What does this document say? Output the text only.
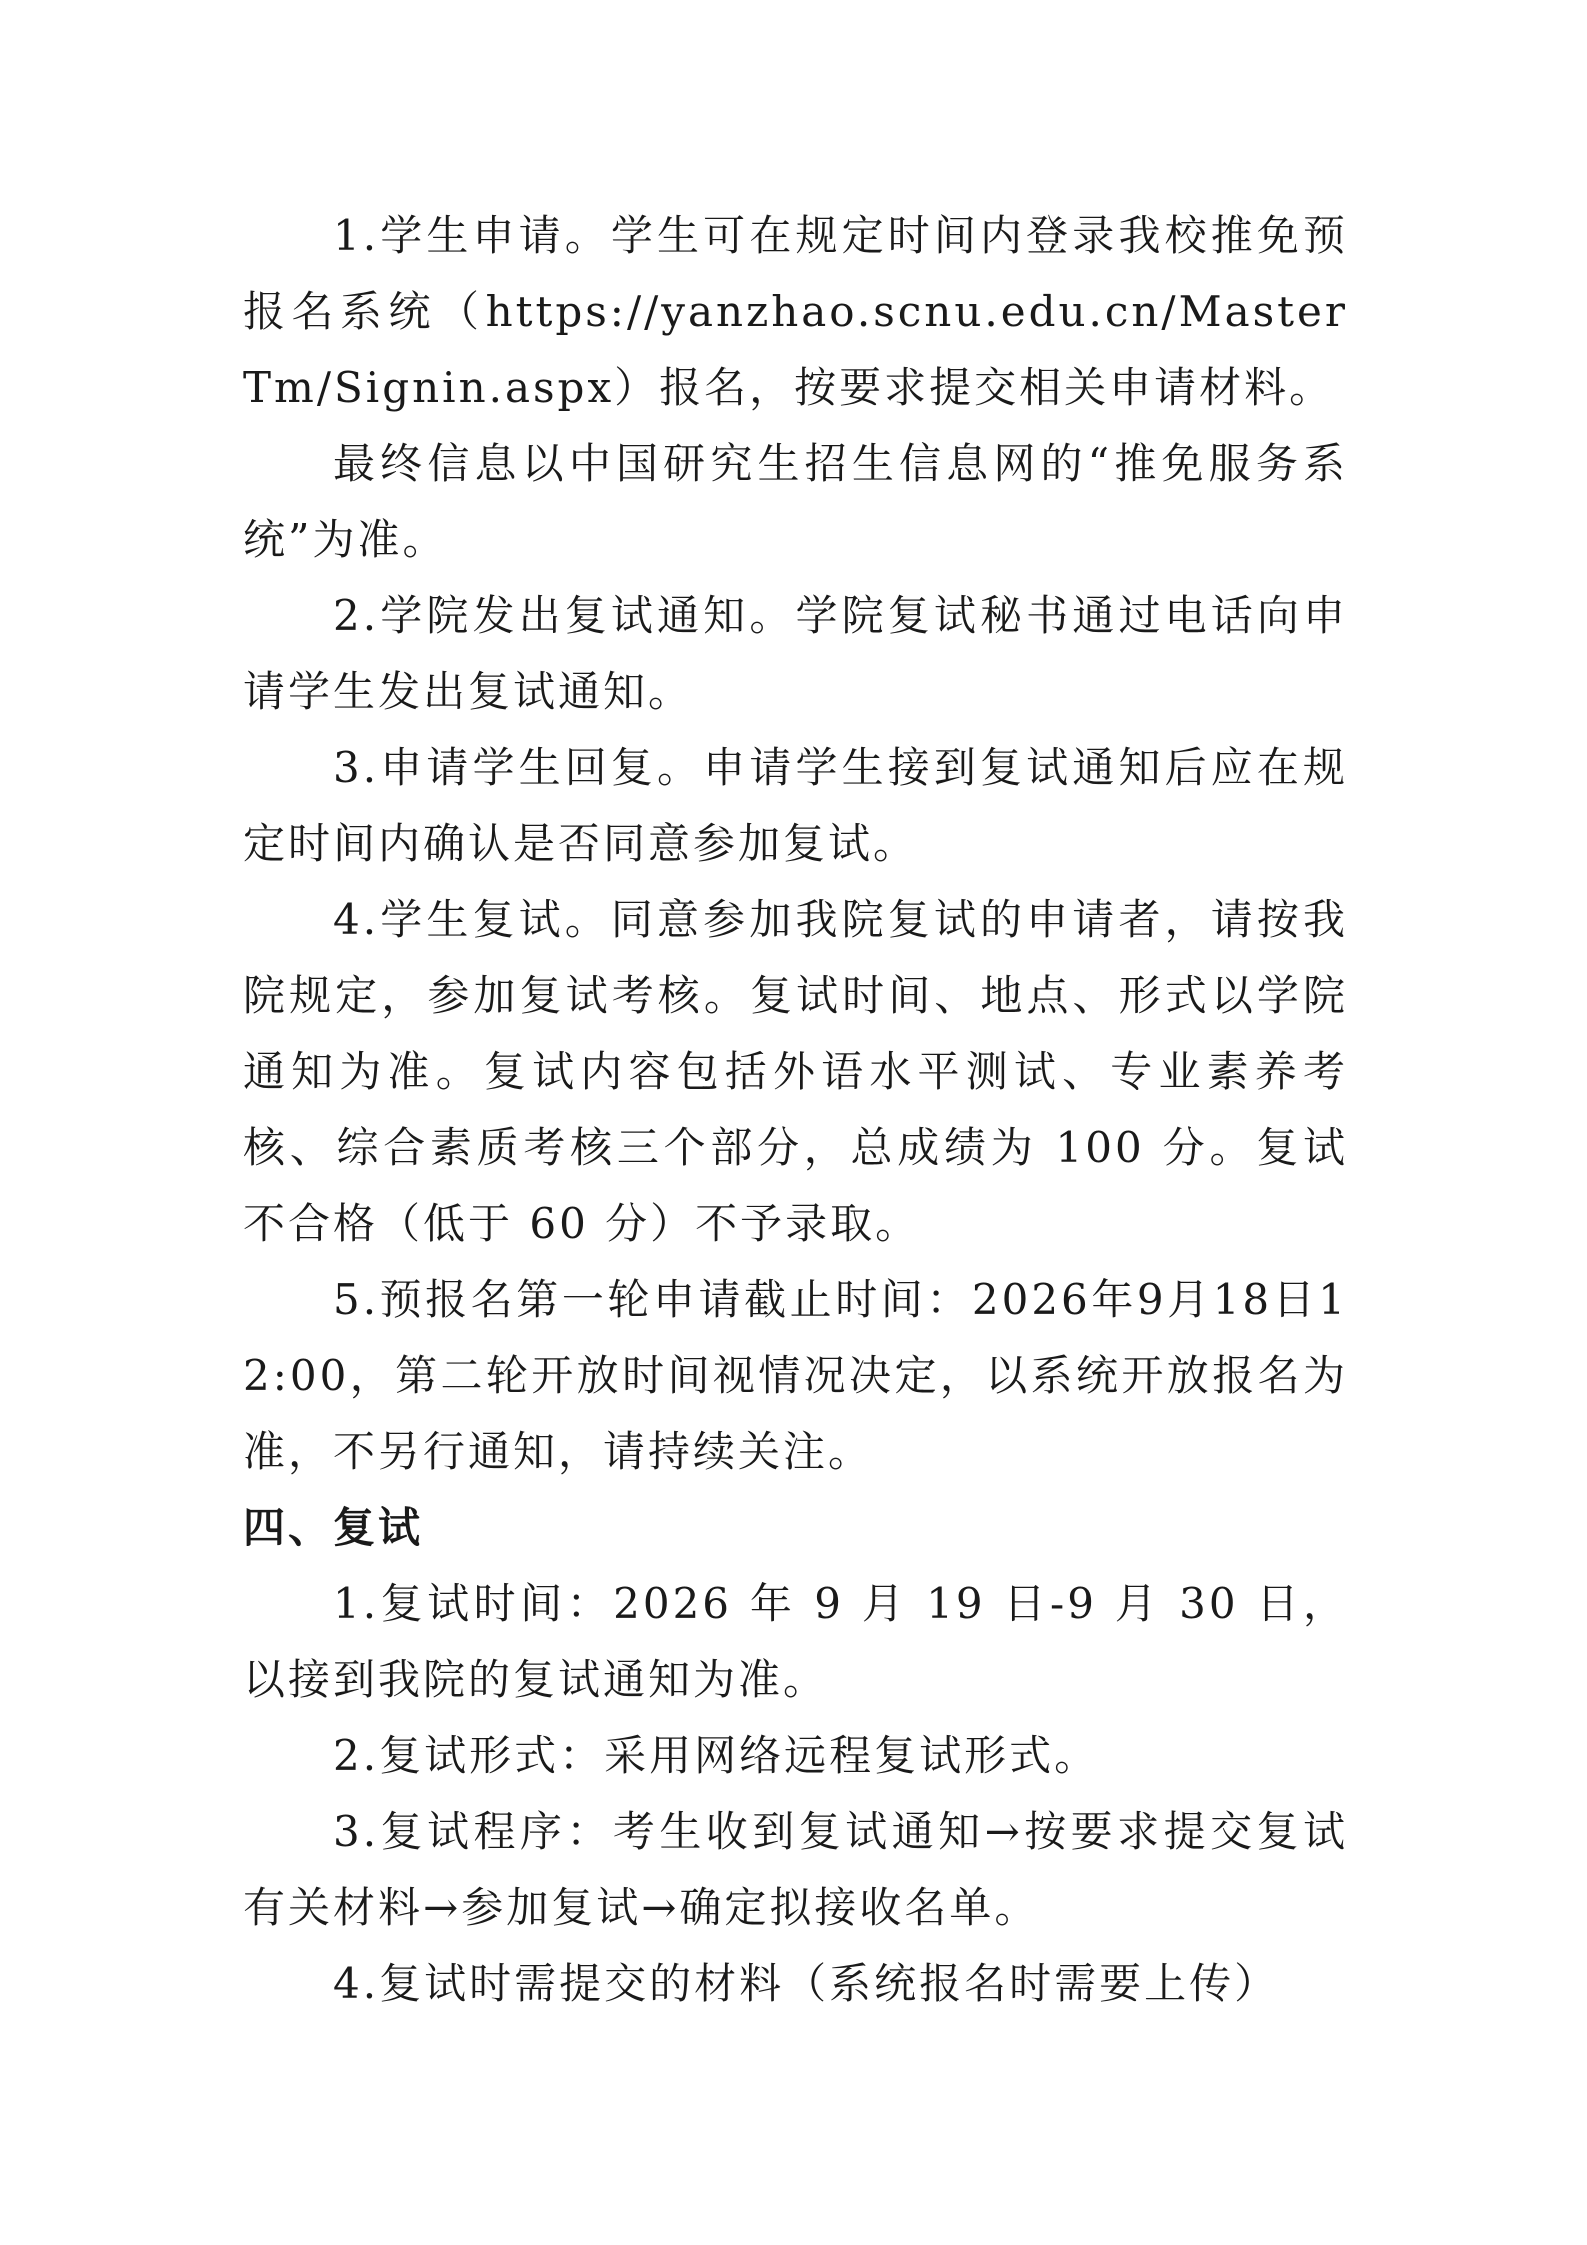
1.学生申请。学生可在规定时间内登录我校推免预报名系统（https://yanzhao.scnu.edu.cn/MasterTm/Signin.aspx）报名，按要求提交相关申请材料。

最终信息以中国研究生招生信息网的“推免服务系统”为准。

2.学院发出复试通知。学院复试秘书通过电话向申请学生发出复试通知。

3.申请学生回复。申请学生接到复试通知后应在规定时间内确认是否同意参加复试。

4.学生复试。同意参加我院复试的申请者，请按我院规定，参加复试考核。复试时间、地点、形式以学院通知为准。复试内容包括外语水平测试、专业素养考核、综合素质考核三个部分，总成绩为 100 分。复试不合格（低于 60 分）不予录取。

5.预报名第一轮申请截止时间：2026年9月18日12:00，第二轮开放时间视情况决定，以系统开放报名为准，不另行通知，请持续关注。

四、复试

1.复试时间：2026 年 9 月 19 日-9 月 30 日，以接到我院的复试通知为准。

2.复试形式：采用网络远程复试形式。

3.复试程序：考生收到复试通知→按要求提交复试有关材料→参加复试→确定拟接收名单。

4.复试时需提交的材料（系统报名时需要上传）
